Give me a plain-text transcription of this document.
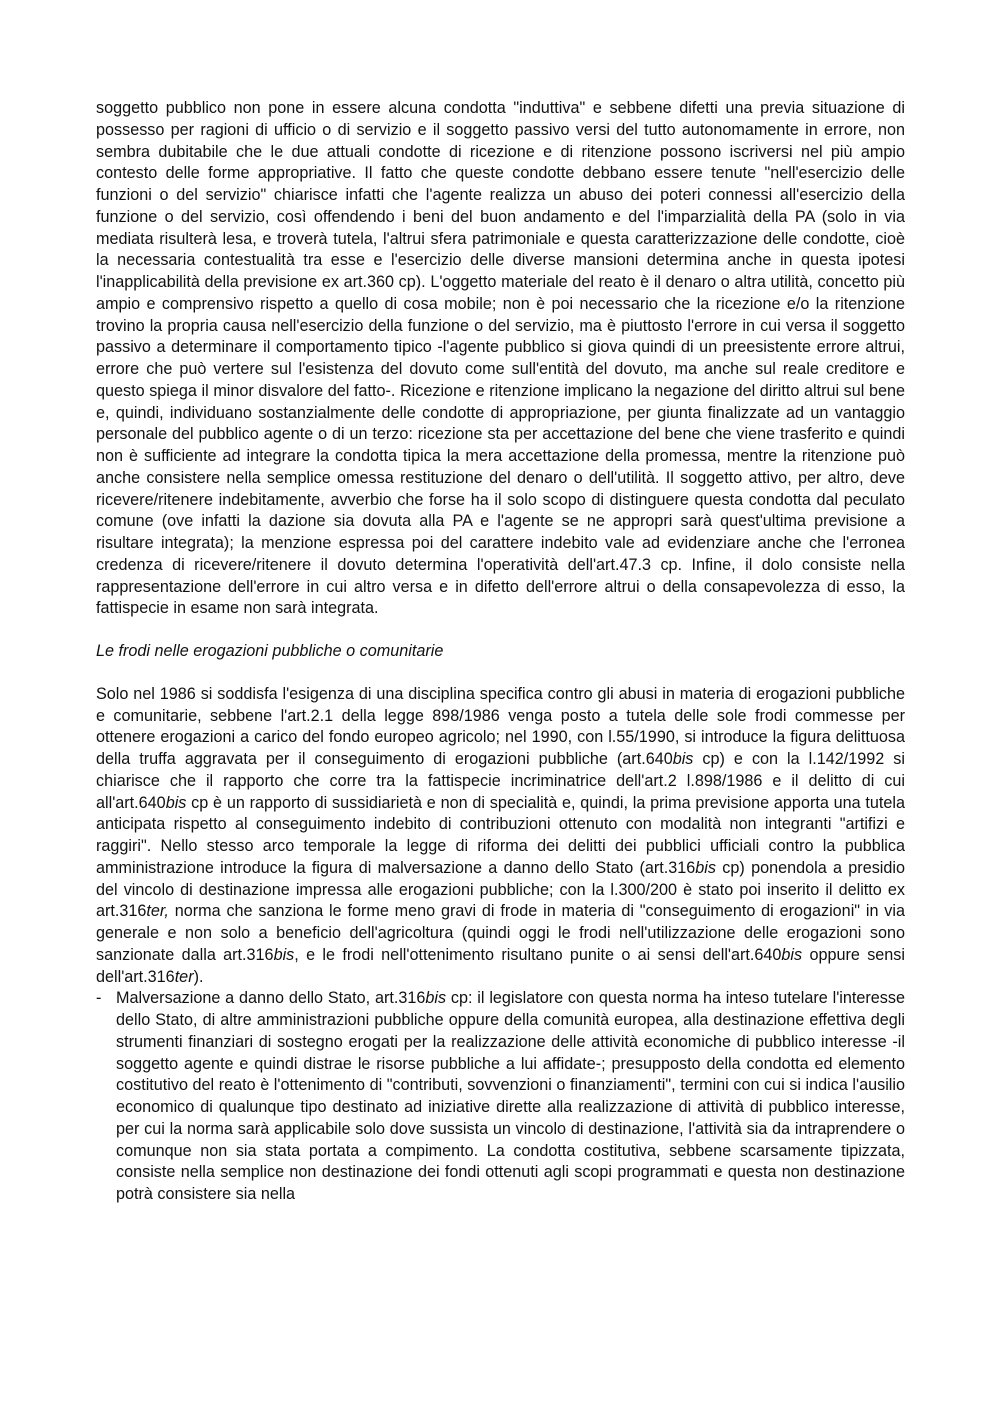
soggetto pubblico non pone in essere alcuna condotta "induttiva" e sebbene difetti una previa situazione di possesso per ragioni di ufficio o di servizio e il soggetto passivo versi del tutto autonomamente in errore, non sembra dubitabile che le due attuali condotte di ricezione e di ritenzione possono iscriversi nel più ampio contesto delle forme appropriative. Il fatto che queste condotte debbano essere tenute "nell'esercizio delle funzioni o del servizio" chiarisce infatti che l'agente realizza un abuso dei poteri connessi all'esercizio della funzione o del servizio, così offendendo i beni del buon andamento e del l'imparzialità della PA (solo in via mediata risulterà lesa, e troverà tutela, l'altrui sfera patrimoniale e questa caratterizzazione delle condotte, cioè la necessaria contestualità tra esse e l'esercizio delle diverse mansioni determina anche in questa ipotesi l'inapplicabilità della previsione ex art.360 cp). L'oggetto materiale del reato è il denaro o altra utilità, concetto più ampio e comprensivo rispetto a quello di cosa mobile; non è poi necessario che la ricezione e/o la ritenzione trovino la propria causa nell'esercizio della funzione o del servizio, ma è piuttosto l'errore in cui versa il soggetto passivo a determinare il comportamento tipico -l'agente pubblico si giova quindi di un preesistente errore altrui, errore che può vertere sul l'esistenza del dovuto come sull'entità del dovuto, ma anche sul reale creditore e questo spiega il minor disvalore del fatto-. Ricezione e ritenzione implicano la negazione del diritto altrui sul bene e, quindi, individuano sostanzialmente delle condotte di appropriazione, per giunta finalizzate ad un vantaggio personale del pubblico agente o di un terzo: ricezione sta per accettazione del bene che viene trasferito e quindi non è sufficiente ad integrare la condotta tipica la mera accettazione della promessa, mentre la ritenzione può anche consistere nella semplice omessa restituzione del denaro o dell'utilità. Il soggetto attivo, per altro, deve ricevere/ritenere indebitamente, avverbio che forse ha il solo scopo di distinguere questa condotta dal peculato comune (ove infatti la dazione sia dovuta alla PA e l'agente se ne appropri sarà quest'ultima previsione a risultare integrata); la menzione espressa poi del carattere indebito vale ad evidenziare anche che l'erronea credenza di ricevere/ritenere il dovuto determina l'operatività dell'art.47.3 cp. Infine, il dolo consiste nella rappresentazione dell'errore in cui altro versa e in difetto dell'errore altrui o della consapevolezza di esso, la fattispecie in esame non sarà integrata.

Le frodi nelle erogazioni pubbliche o comunitarie

Solo nel 1986 si soddisfa l'esigenza di una disciplina specifica contro gli abusi in materia di erogazioni pubbliche e comunitarie, sebbene l'art.2.1 della legge 898/1986 venga posto a tutela delle sole frodi commesse per ottenere erogazioni a carico del fondo europeo agricolo; nel 1990, con l.55/1990, si introduce la figura delittuosa della truffa aggravata per il conseguimento di erogazioni pubbliche (art.640bis cp) e con la l.142/1992 si chiarisce che il rapporto che corre tra la fattispecie incriminatrice dell'art.2 l.898/1986 e il delitto di cui all'art.640bis cp è un rapporto di sussidiarietà e non di specialità e, quindi, la prima previsione apporta una tutela anticipata rispetto al conseguimento indebito di contribuzioni ottenuto con modalità non integranti "artifizi e raggiri". Nello stesso arco temporale la legge di riforma dei delitti dei pubblici ufficiali contro la pubblica amministrazione introduce la figura di malversazione a danno dello Stato (art.316bis cp) ponendola a presidio del vincolo di destinazione impressa alle erogazioni pubbliche; con la l.300/200 è stato poi inserito il delitto ex art.316ter, norma che sanziona le forme meno gravi di frode in materia di "conseguimento di erogazioni" in via generale e non solo a beneficio dell'agricoltura (quindi oggi le frodi nell'utilizzazione delle erogazioni sono sanzionate dalla art.316bis, e le frodi nell'ottenimento risultano punite o ai sensi dell'art.640bis oppure sensi dell'art.316ter).

- Malversazione a danno dello Stato, art.316bis cp: il legislatore con questa norma ha inteso tutelare l'interesse dello Stato, di altre amministrazioni pubbliche oppure della comunità europea, alla destinazione effettiva degli strumenti finanziari di sostegno erogati per la realizzazione delle attività economiche di pubblico interesse -il soggetto agente e quindi distrae le risorse pubbliche a lui affidate-; presupposto della condotta ed elemento costitutivo del reato è l'ottenimento di "contributi, sovvenzioni o finanziamenti", termini con cui si indica l'ausilio economico di qualunque tipo destinato ad iniziative dirette alla realizzazione di attività di pubblico interesse, per cui la norma sarà applicabile solo dove sussista un vincolo di destinazione, l'attività sia da intraprendere o comunque non sia stata portata a compimento. La condotta costitutiva, sebbene scarsamente tipizzata, consiste nella semplice non destinazione dei fondi ottenuti agli scopi programmati e questa non destinazione potrà consistere sia nella
